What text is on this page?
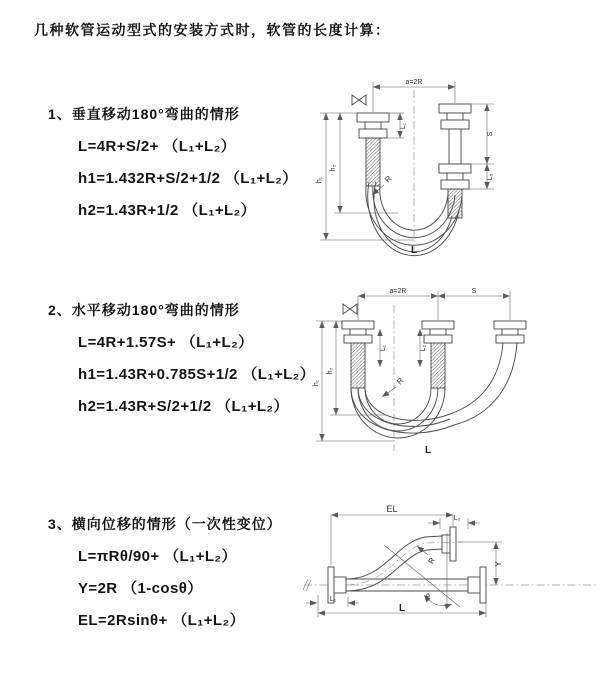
几种软管运动型式的安装方式时，软管的长度计算：
1、垂直移动180°弯曲的情形
L=4R+S/2+ （L₁+L₂）
h1=1.432R+S/2+1/2 （L₁+L₂）
h2=1.43R+1/2 （L₁+L₂）
2、水平移动180°弯曲的情形
L=4R+1.57S+ （L₁+L₂）
h1=1.43R+0.785S+1/2 （L₁+L₂）
h2=1.43R+S/2+1/2 （L₁+L₂）
3、横向位移的情形（一次性变位）
L=πRθ/90+ （L₁+L₂）
Y=2R （1-cosθ）
EL=2Rsinθ+ （L₁+L₂）
a=2R
h₁
h₂
S
L₂
L₁
R
L
a=2R	S
h₁
h₂
L₁	L₂
R
L
θ
EL
L₂
Y
R
L₁
L
